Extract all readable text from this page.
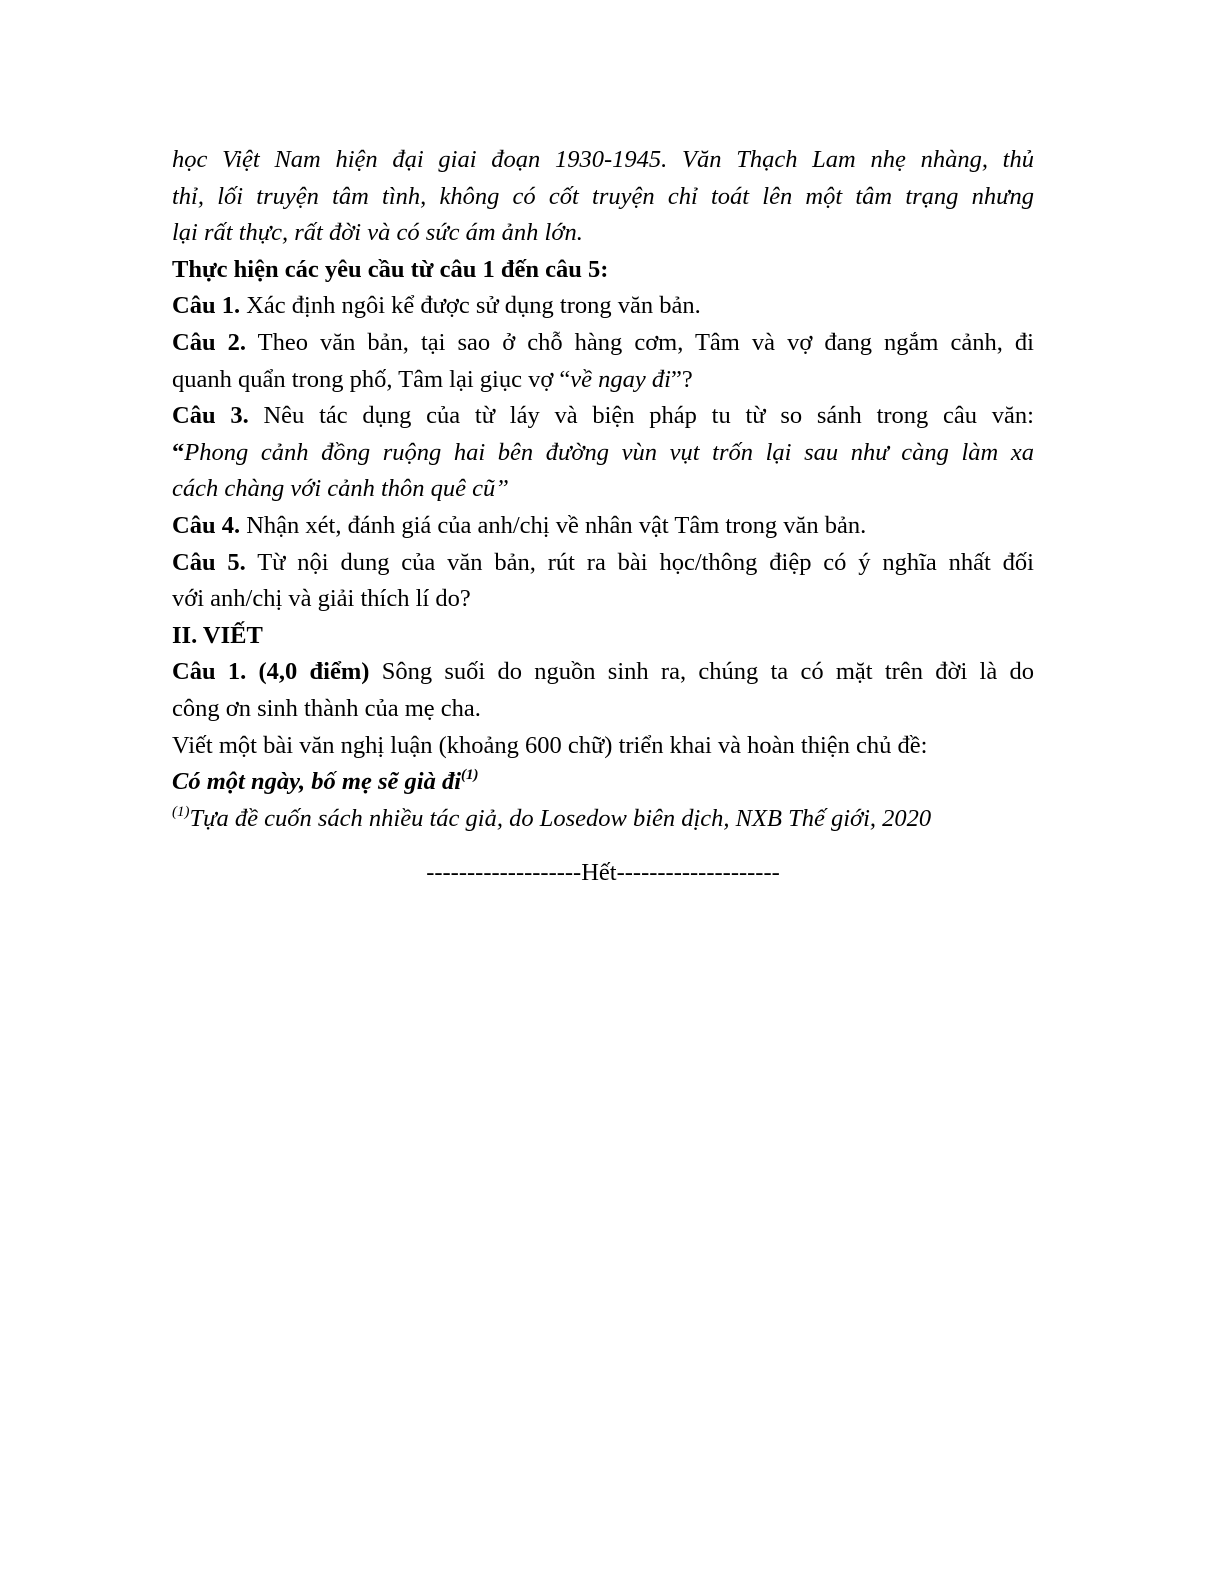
học Việt Nam hiện đại giai đoạn 1930-1945. Văn Thạch Lam nhẹ nhàng, thủ
thỉ, lối truyện tâm tình, không có cốt truyện chỉ toát lên một tâm trạng nhưng
lại rất thực, rất đời và có sức ám ảnh lớn.
Thực hiện các yêu cầu từ câu 1 đến câu 5:
Câu 1. Xác định ngôi kể được sử dụng trong văn bản.
Câu 2. Theo văn bản, tại sao ở chỗ hàng cơm, Tâm và vợ đang ngắm cảnh, đi
quanh quẩn trong phố, Tâm lại giục vợ “về ngay đi”?
Câu 3. Nêu tác dụng của từ láy và biện pháp tu từ so sánh trong câu văn:
“Phong cảnh đồng ruộng hai bên đường vùn vụt trốn lại sau như càng làm xa
cách chàng với cảnh thôn quê cũ”
Câu 4. Nhận xét, đánh giá của anh/chị về nhân vật Tâm trong văn bản.
Câu 5. Từ nội dung của văn bản, rút ra bài học/thông điệp có ý nghĩa nhất đối
với anh/chị và giải thích lí do?
II. VIẾT
Câu 1. (4,0 điểm) Sông suối do nguồn sinh ra, chúng ta có mặt trên đời là do
công ơn sinh thành của mẹ cha.
Viết một bài văn nghị luận (khoảng 600 chữ) triển khai và hoàn thiện chủ đề:
Có một ngày, bố mẹ sẽ già $đi^{(1)}$
$^{(1)}$Tựa đề cuốn sách nhiều tác giả, do Losedow biên dịch, NXB Thế giới, 2020
-------------------Hết--------------------
